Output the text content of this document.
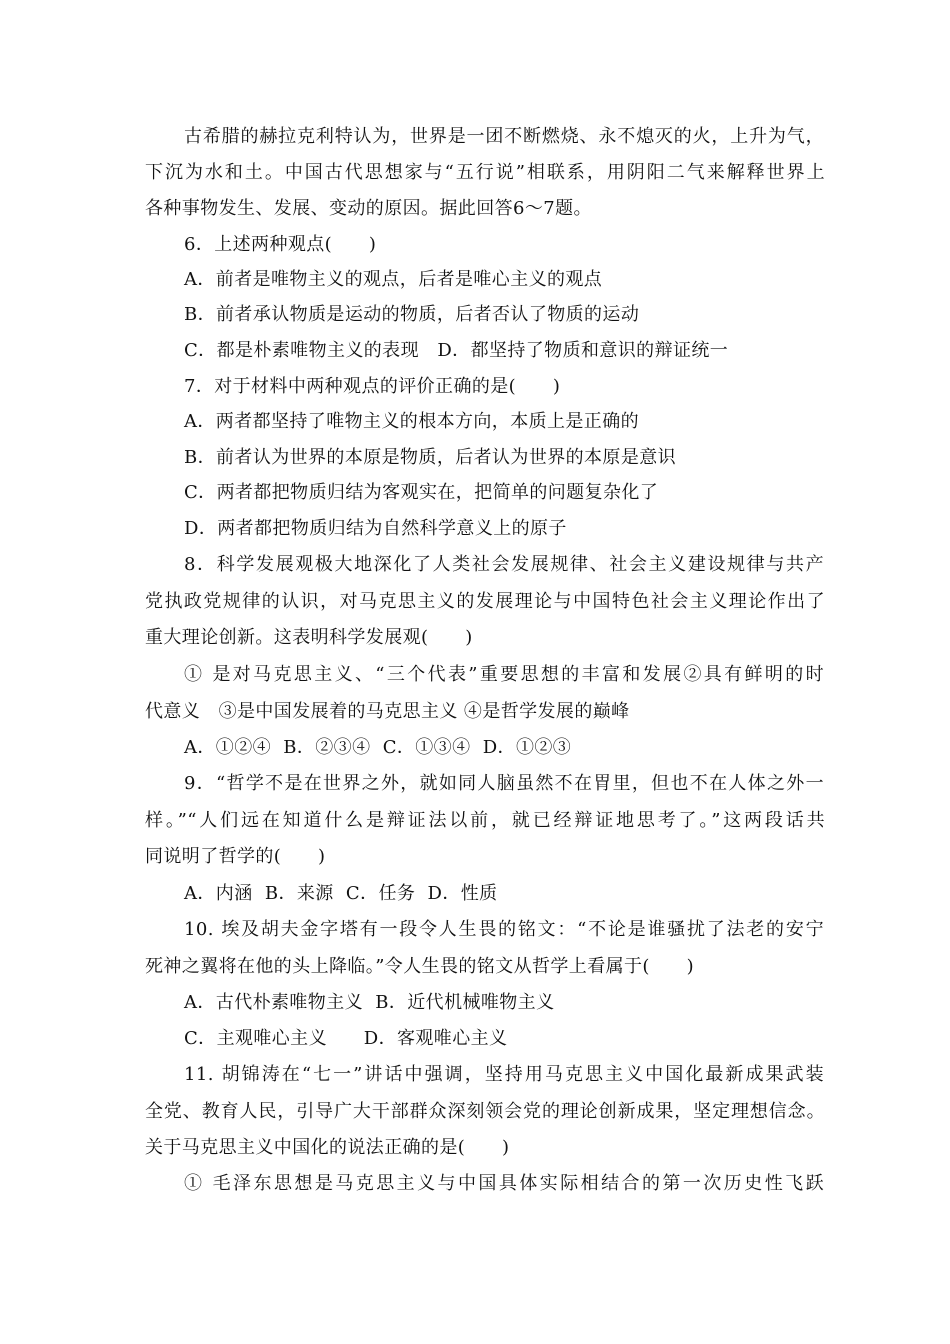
古希腊的赫拉克利特认为，世界是一团不断燃烧、永不熄灭的火，上升为气，
下沉为水和土。中国古代思想家与“五行说”相联系，用阴阳二气来解释世界上
各种事物发生、发展、变动的原因。据此回答6～7题。
6．上述两种观点(　　)
A．前者是唯物主义的观点，后者是唯心主义的观点
B．前者承认物质是运动的物质，后者否认了物质的运动
C．都是朴素唯物主义的表现   D．都坚持了物质和意识的辩证统一
7．对于材料中两种观点的评价正确的是(　　)
A．两者都坚持了唯物主义的根本方向，本质上是正确的
B．前者认为世界的本原是物质，后者认为世界的本原是意识
C．两者都把物质归结为客观实在，把简单的问题复杂化了
D．两者都把物质归结为自然科学意义上的原子
8．科学发展观极大地深化了人类社会发展规律、社会主义建设规律与共产
党执政党规律的认识，对马克思主义的发展理论与中国特色社会主义理论作出了
重大理论创新。这表明科学发展观(　　)
① 是对马克思主义、“三个代表”重要思想的丰富和发展②具有鲜明的时
代意义　③是中国发展着的马克思主义 ④是哲学发展的巅峰
A．①②④  B．②③④  C．①③④  D．①②③
9．“哲学不是在世界之外，就如同人脑虽然不在胃里，但也不在人体之外一
样。”“人们远在知道什么是辩证法以前，就已经辩证地思考了。”这两段话共
同说明了哲学的(　　)
A．内涵  B．来源  C．任务  D．性质
10. 埃及胡夫金字塔有一段令人生畏的铭文：“不论是谁骚扰了法老的安宁
死神之翼将在他的头上降临。”令人生畏的铭文从哲学上看属于(　　)
A．古代朴素唯物主义  B．近代机械唯物主义
C．主观唯心主义　　D．客观唯心主义
11. 胡锦涛在“七一”讲话中强调，坚持用马克思主义中国化最新成果武装
全党、教育人民，引导广大干部群众深刻领会党的理论创新成果，坚定理想信念。
关于马克思主义中国化的说法正确的是(　　)
① 毛泽东思想是马克思主义与中国具体实际相结合的第一次历史性飞跃
